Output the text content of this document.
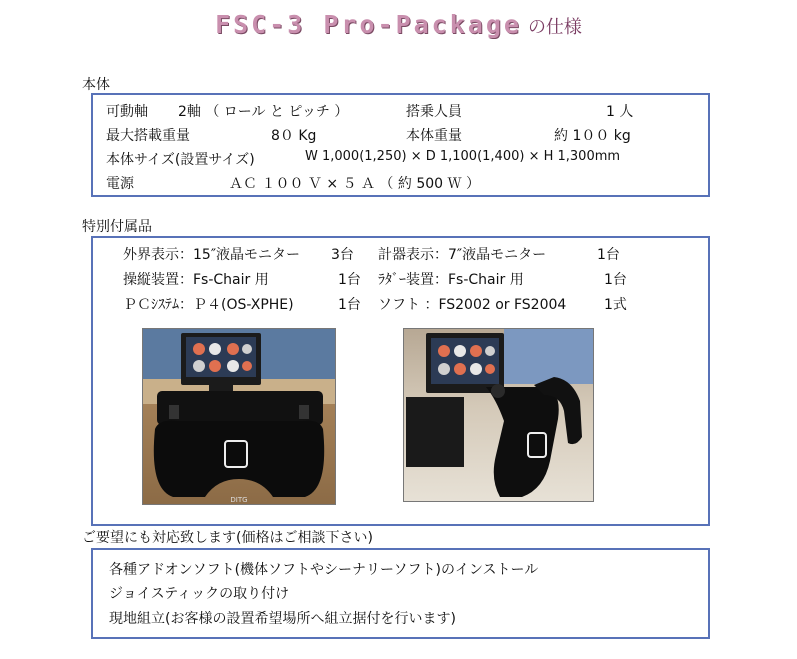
FSC-3 Pro-Package の仕様
本体
可動軸 2軸 （ ロール と ピッチ ）	搭乗人員	1 人
最大搭載重量	8０ Kg	本体重量	約 1００ kg
本体サイズ(設置サイズ)	W 1,000(1,250) × D 1,100(1,400) × H 1,300mm
電源	ＡＣ １００ Ｖ × ５ Ａ （ 約 500 Ｗ ）
特別付属品
外界表示：15″液晶モニター 3台 計器表示：7″液晶モニター	1台
操縦装置：Fs-Chair 用	1台 ﾗﾀﾞｰ装置：Fs-Chair 用	1台
ＰＣｼｽﾃﾑ：Ｐ４(OS-XPHE)	1台 ソフト ：FS2002 or FS2004	1式
DITG
ご要望にも対応致します(価格はご相談下さい)
各種アドオンソフト(機体ソフトやシーナリーソフト)のインストール
ジョイスティックの取り付け
現地組立(お客様の設置希望場所へ組立据付を行います)
